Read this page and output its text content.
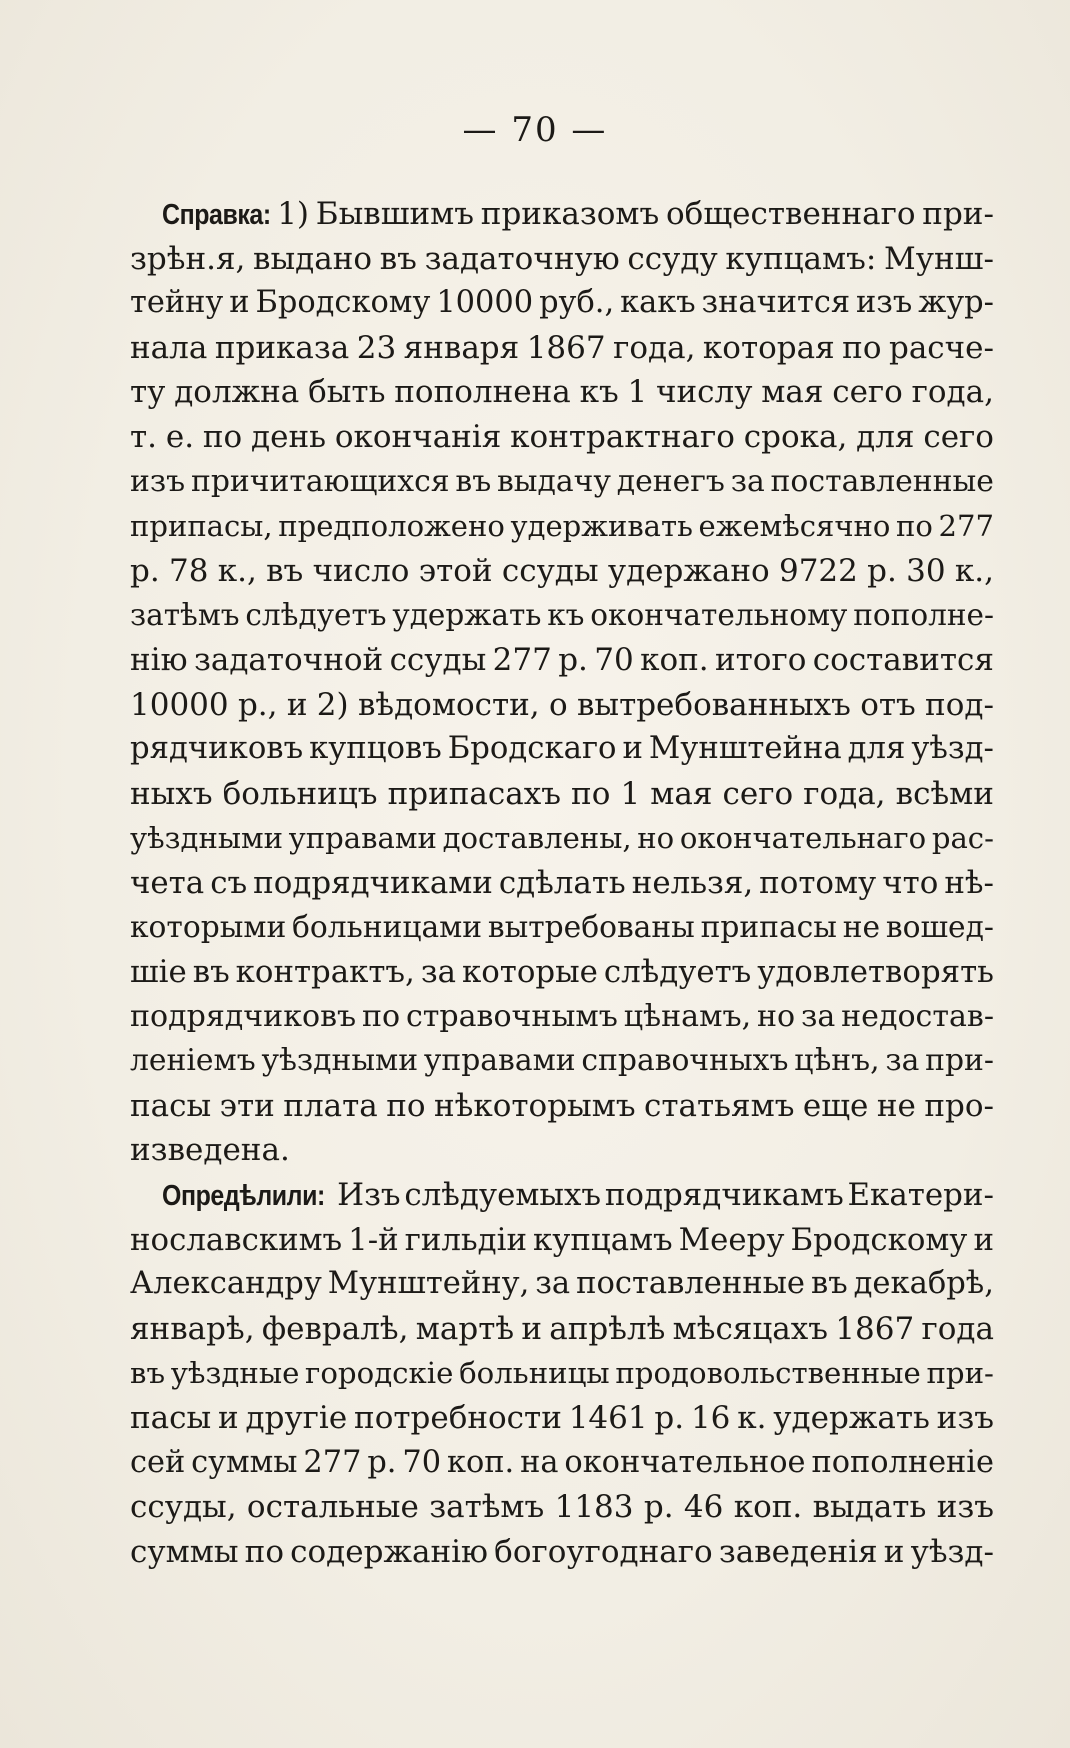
— 70 —
Справка: 1) Бывшимъ приказомъ общественнаго при-
зрѣн.я, выдано въ задаточную ссуду купцамъ: Мунш-
тейну и Бродскому 10000 руб., какъ значится изъ жур-
нала приказа 23 января 1867 года, которая по расче-
ту должна быть пополнена къ 1 числу мая сего года,
т. е. по день окончанія контрактнаго срока, для сего
изъ причитающихся въ выдачу денегъ за поставленные
припасы, предположено удерживать ежемѣсячно по 277
р. 78 к., въ число этой ссуды удержано 9722 р. 30 к.,
затѣмъ слѣдуетъ удержать къ окончательному пополне-
нію задаточной ссуды 277 р. 70 коп. итого составится
10000 р., и 2) вѣдомости, о вытребованныхъ отъ под-
рядчиковъ купцовъ Бродскаго и Мунштейна для уѣзд-
ныхъ больницъ припасахъ по 1 мая сего года, всѣми
уѣздными управами доставлены, но окончательнаго рас-
чета съ подрядчиками сдѣлать нельзя, потому что нѣ-
которыми больницами вытребованы припасы не вошед-
шіе въ контрактъ, за которые слѣдуетъ удовлетворять
подрядчиковъ по стравочнымъ цѣнамъ, но за недостав-
леніемъ уѣздными управами справочныхъ цѣнъ, за при-
пасы эти плата по нѣкоторымъ статьямъ еще не про-
изведена.
Опредѣлили: Изъ слѣдуемыхъ подрядчикамъ Екатери-
нославскимъ 1-й гильдіи купцамъ Мееру Бродскому и
Александру Мунштейну, за поставленные въ декабрѣ,
январѣ, февралѣ, мартѣ и апрѣлѣ мѣсяцахъ 1867 года
въ уѣздные городскіе больницы продовольственные при-
пасы и другіе потребности 1461 р. 16 к. удержать изъ
сей суммы 277 р. 70 коп. на окончательное пополненіе
ссуды, остальные затѣмъ 1183 р. 46 коп. выдать изъ
суммы по содержанію богоугоднаго заведенія и уѣзд-
